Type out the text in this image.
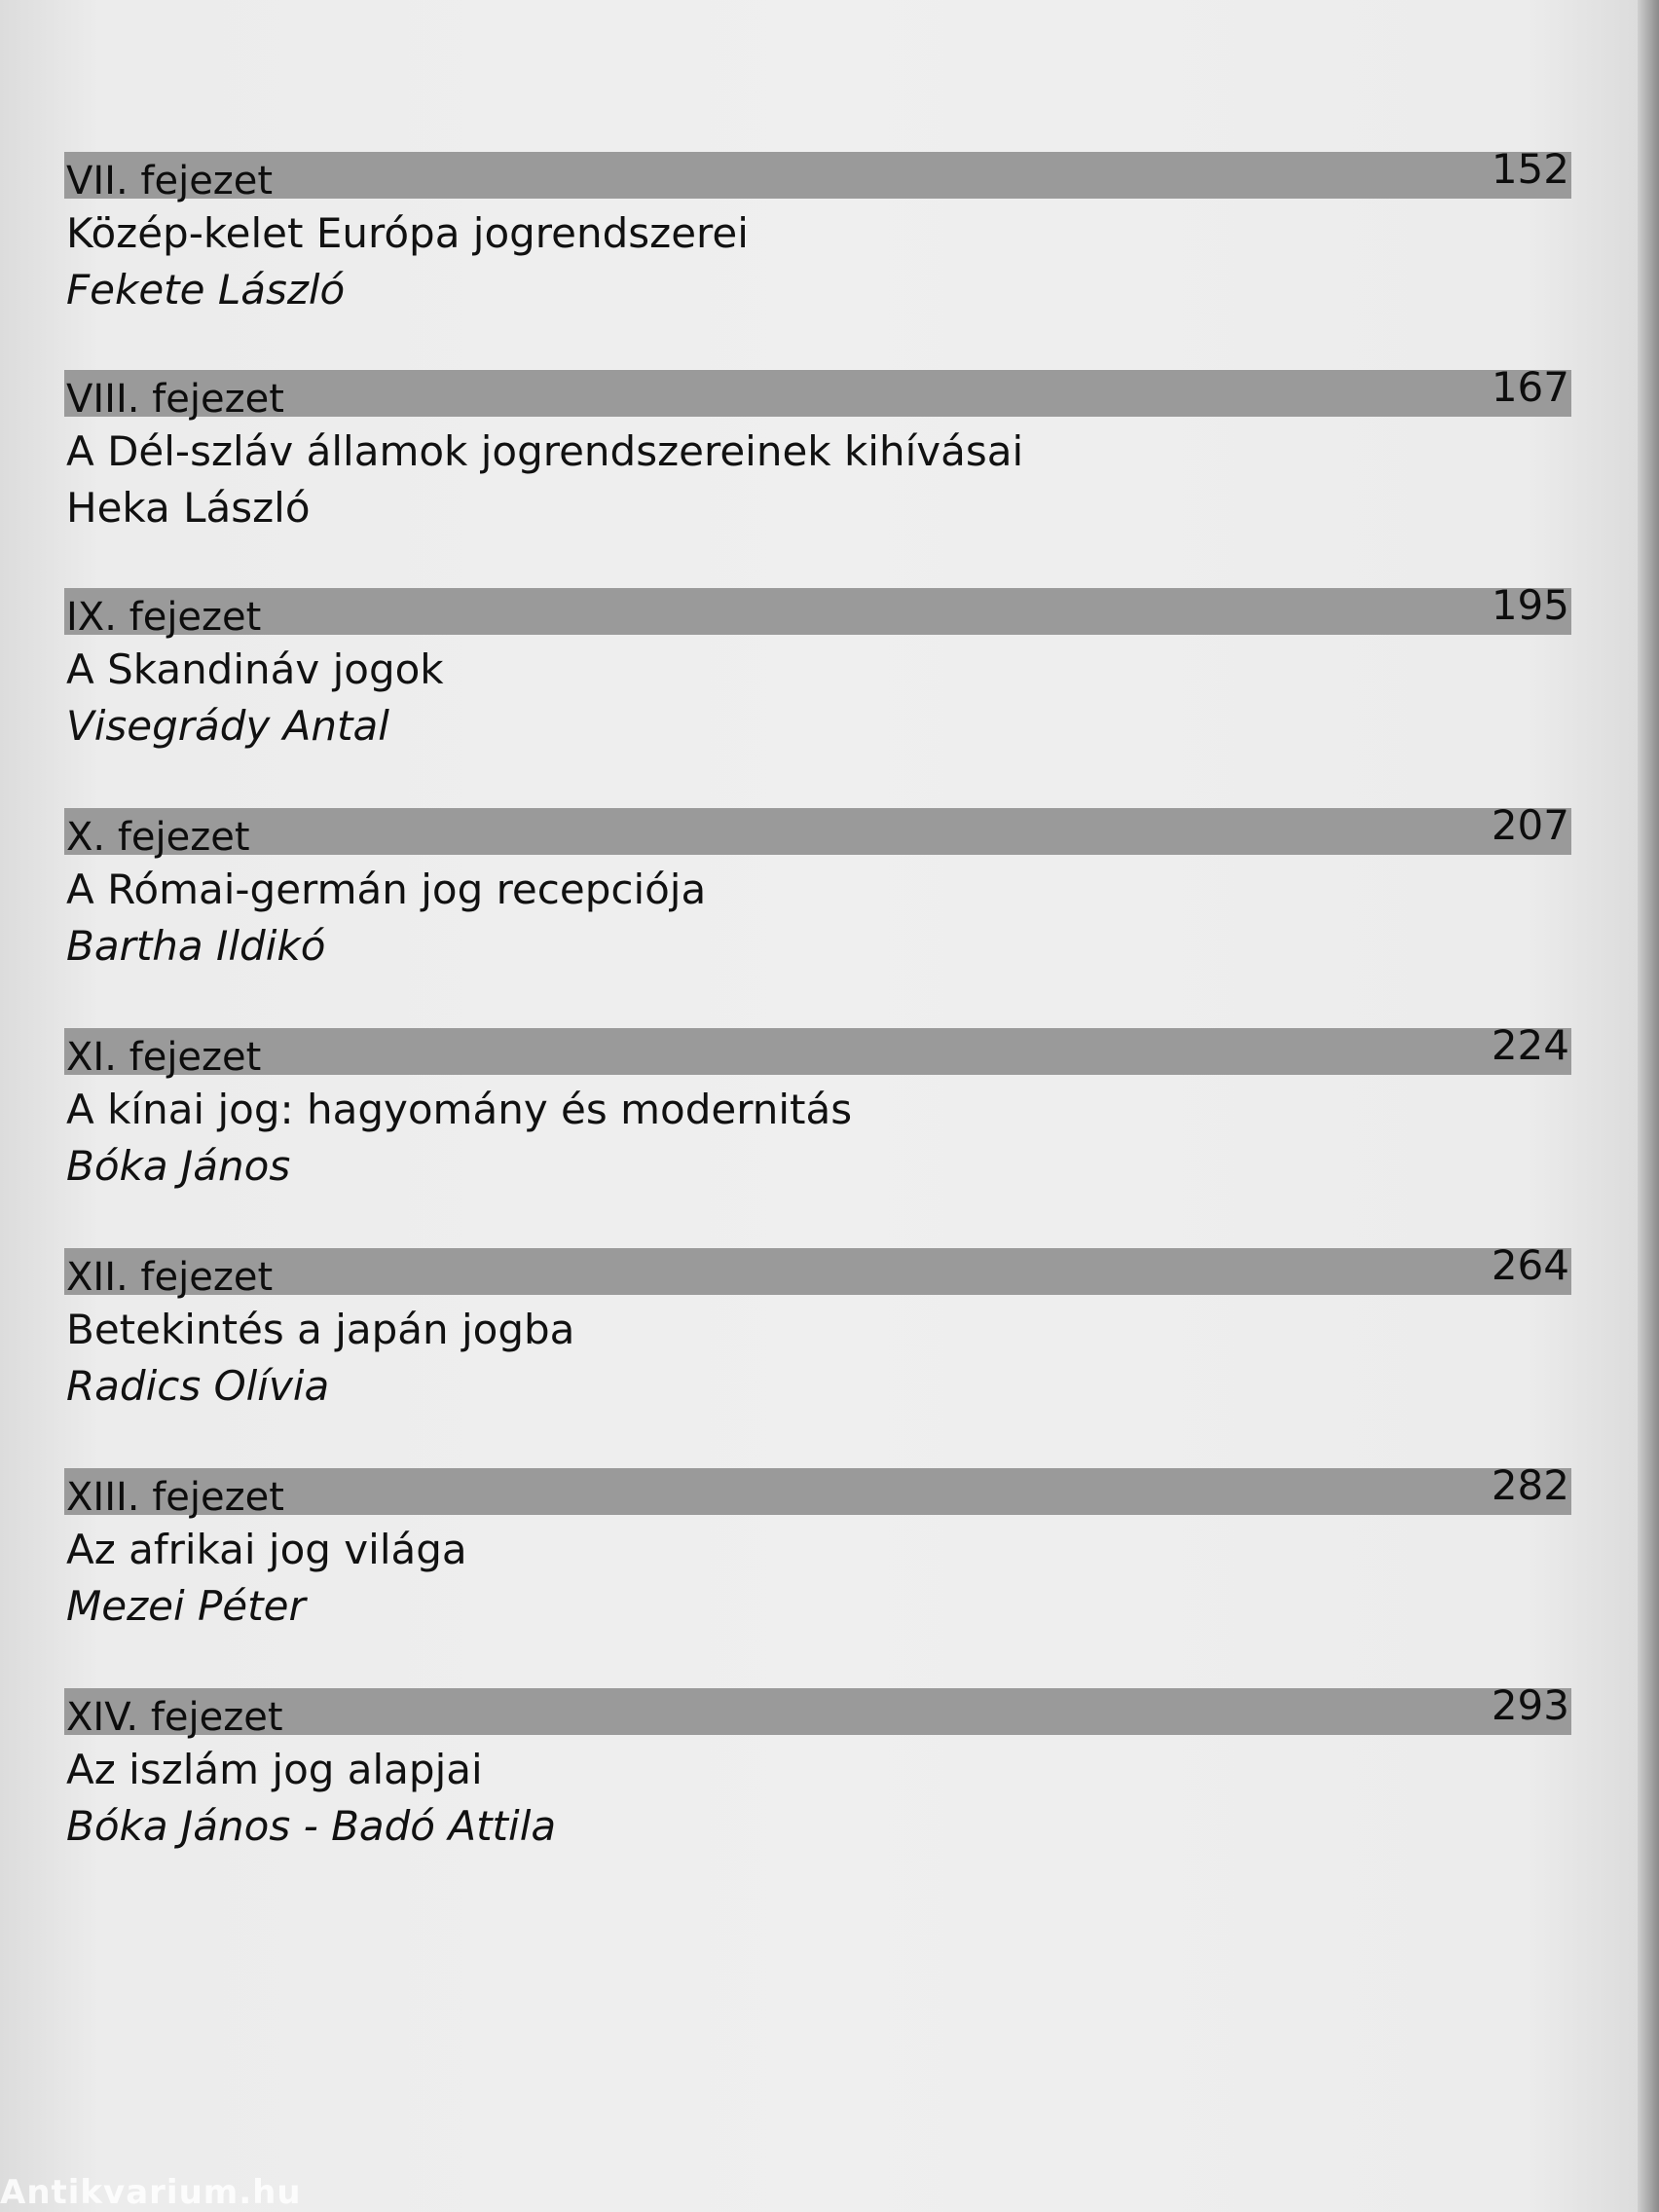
VII. fejezet	152
Közép-kelet Európa jogrendszerei
Fekete László
VIII. fejezet	167
A Dél-szláv államok jogrendszereinek kihívásai
Heka László
IX. fejezet	195
A Skandináv jogok
Visegrády Antal
X. fejezet	207
A Római-germán jog recepciója
Bartha Ildikó
XI. fejezet	224
A kínai jog: hagyomány és modernitás
Bóka János
XII. fejezet	264
Betekintés a japán jogba
Radics Olívia
XIII. fejezet	282
Az afrikai jog világa
Mezei Péter
XIV. fejezet	293
Az iszlám jog alapjai
Bóka János - Badó Attila
Antikvarium.hu
